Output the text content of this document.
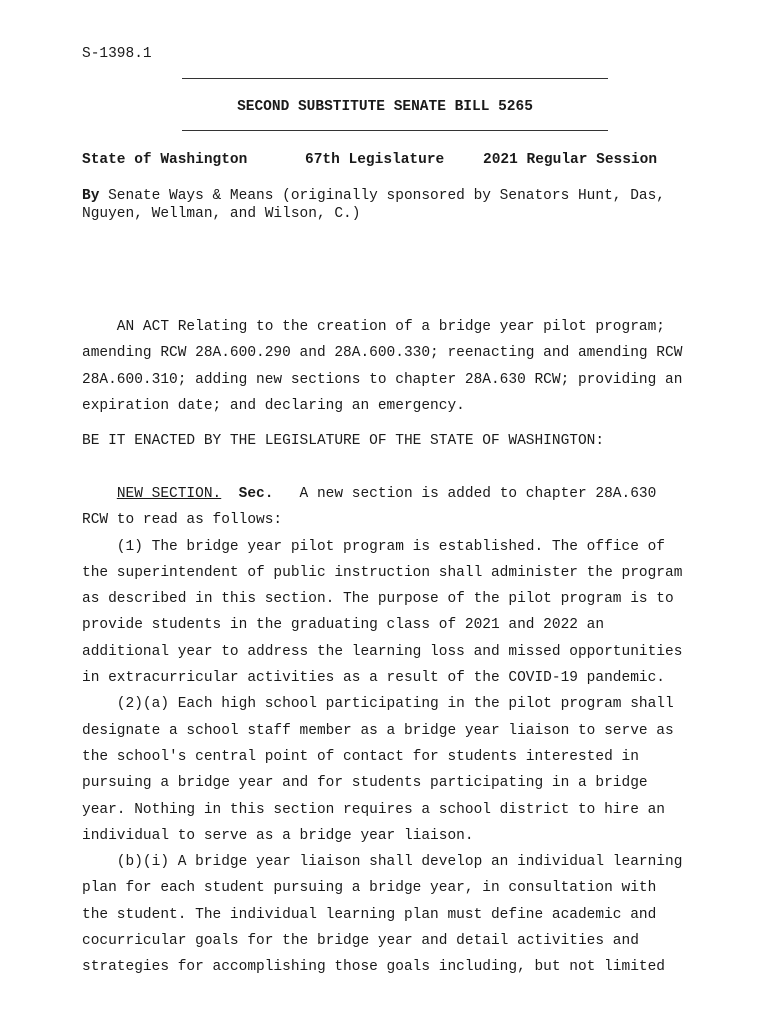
S-1398.1
SECOND SUBSTITUTE SENATE BILL 5265
State of Washington	67th Legislature	2021 Regular Session
By Senate Ways & Means (originally sponsored by Senators Hunt, Das,
Nguyen, Wellman, and Wilson, C.)
AN ACT Relating to the creation of a bridge year pilot program;
amending RCW 28A.600.290 and 28A.600.330; reenacting and amending RCW
28A.600.310; adding new sections to chapter 28A.630 RCW; providing an
expiration date; and declaring an emergency.
BE IT ENACTED BY THE LEGISLATURE OF THE STATE OF WASHINGTON:
NEW SECTION. Sec.   A new section is added to chapter 28A.630
RCW to read as follows:
(1) The bridge year pilot program is established. The office of
the superintendent of public instruction shall administer the program
as described in this section. The purpose of the pilot program is to
provide students in the graduating class of 2021 and 2022 an
additional year to address the learning loss and missed opportunities
in extracurricular activities as a result of the COVID-19 pandemic.
(2)(a) Each high school participating in the pilot program shall
designate a school staff member as a bridge year liaison to serve as
the school's central point of contact for students interested in
pursuing a bridge year and for students participating in a bridge
year. Nothing in this section requires a school district to hire an
individual to serve as a bridge year liaison.
(b)(i) A bridge year liaison shall develop an individual learning
plan for each student pursuing a bridge year, in consultation with
the student. The individual learning plan must define academic and
cocurricular goals for the bridge year and detail activities and
strategies for accomplishing those goals including, but not limited
